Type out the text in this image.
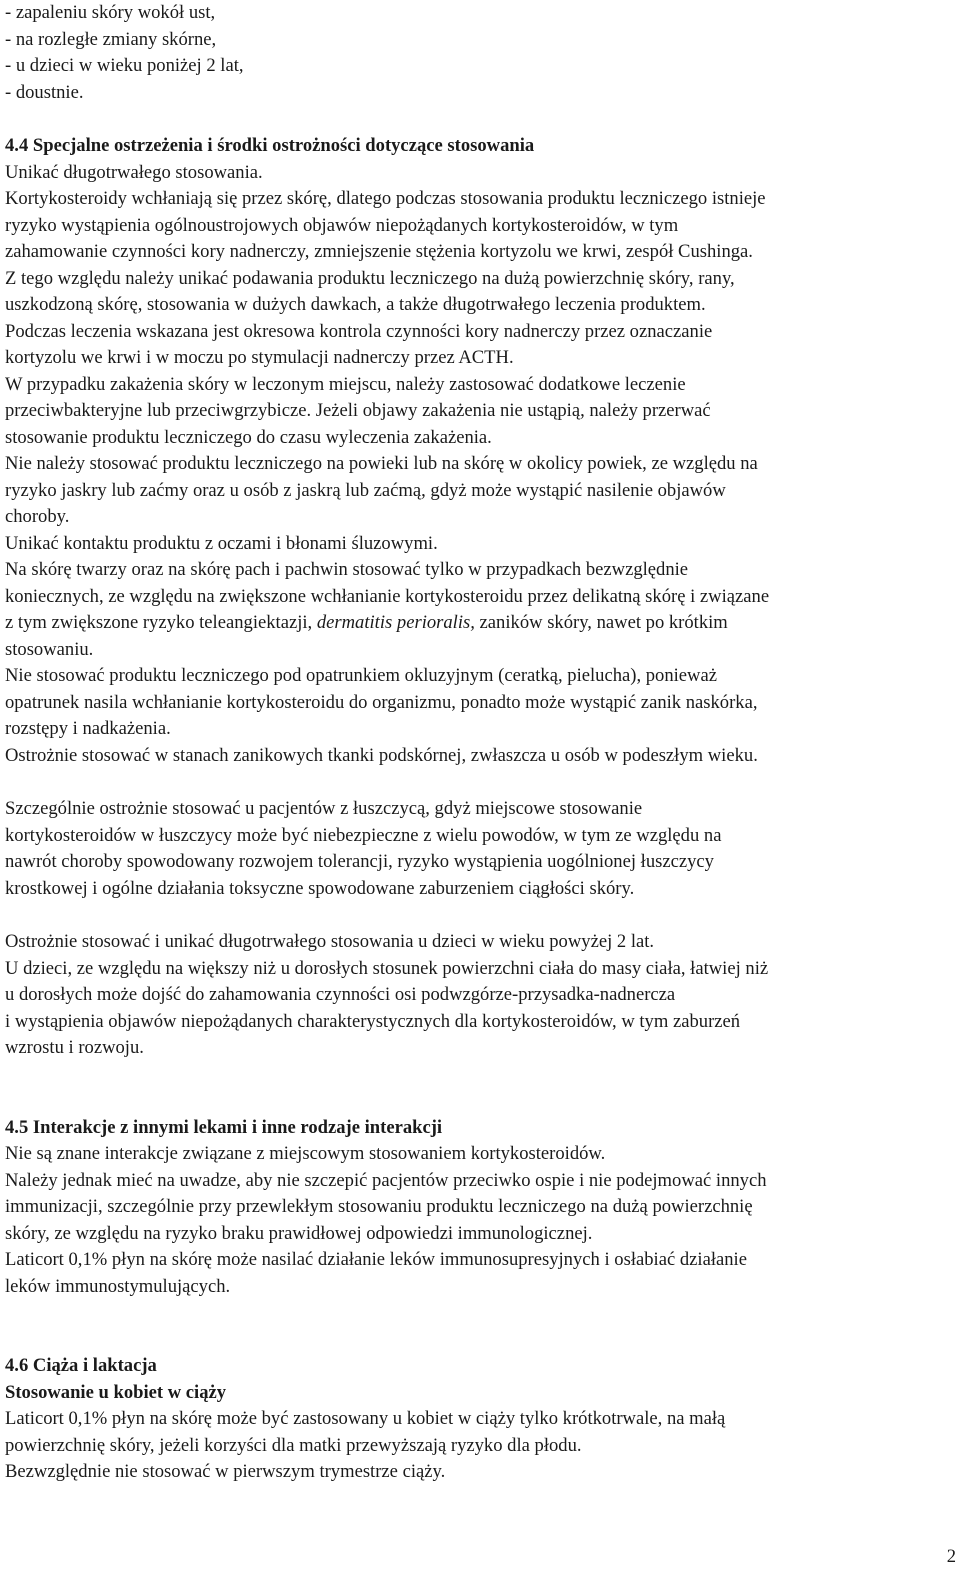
- zapaleniu skóry wokół ust,
- na rozległe zmiany skórne,
- u dzieci w wieku poniżej 2 lat,
- doustnie.
4.4 Specjalne ostrzeżenia i środki ostrożności dotyczące stosowania
Unikać długotrwałego stosowania.
Kortykosteroidy wchłaniają się przez skórę, dlatego podczas stosowania produktu leczniczego istnieje
ryzyko wystąpienia ogólnoustrojowych objawów niepożądanych kortykosteroidów, w tym
zahamowanie czynności kory nadnerczy, zmniejszenie stężenia kortyzolu we krwi, zespół Cushinga.
Z tego względu należy unikać podawania produktu leczniczego na dużą powierzchnię skóry, rany,
uszkodzoną skórę, stosowania w dużych dawkach, a także długotrwałego leczenia produktem.
Podczas leczenia wskazana jest okresowa kontrola czynności kory nadnerczy przez oznaczanie
kortyzolu we krwi i w moczu po stymulacji nadnerczy przez ACTH.
W przypadku zakażenia skóry w leczonym miejscu, należy zastosować dodatkowe leczenie
przeciwbakteryjne lub przeciwgrzybicze. Jeżeli objawy zakażenia nie ustąpią, należy przerwać
stosowanie produktu leczniczego do czasu wyleczenia zakażenia.
Nie należy stosować produktu leczniczego na powieki lub na skórę w okolicy powiek, ze względu na
ryzyko jaskry lub zaćmy oraz u osób z jaskrą lub zaćmą, gdyż może wystąpić nasilenie objawów
choroby.
Unikać kontaktu produktu z oczami i błonami śluzowymi.
Na skórę twarzy oraz na skórę pach i pachwin stosować tylko w przypadkach bezwzględnie
koniecznych, ze względu na zwiększone wchłanianie kortykosteroidu przez delikatną skórę i związane
z tym zwiększone ryzyko teleangiektazji, dermatitis perioralis, zaników skóry, nawet po krótkim
stosowaniu.
Nie stosować produktu leczniczego pod opatrunkiem okluzyjnym (ceratką, pielucha), ponieważ
opatrunek nasila wchłanianie kortykosteroidu do organizmu, ponadto może wystąpić zanik naskórka,
rozstępy i nadkażenia.
Ostrożnie stosować w stanach zanikowych tkanki podskórnej, zwłaszcza u osób w podeszłym wieku.
Szczególnie ostrożnie stosować u pacjentów z łuszczycą, gdyż miejscowe stosowanie
kortykosteroidów w łuszczycy może być niebezpieczne z wielu powodów, w tym ze względu na
nawrót choroby spowodowany rozwojem tolerancji, ryzyko wystąpienia uogólnionej łuszczycy
krostkowej i ogólne działania toksyczne spowodowane zaburzeniem ciągłości skóry.
Ostrożnie stosować i unikać długotrwałego stosowania u dzieci w wieku powyżej 2 lat.
U dzieci, ze względu na większy niż u dorosłych stosunek powierzchni ciała do masy ciała, łatwiej niż
u dorosłych może dojść do zahamowania czynności osi podwzgórze-przysadka-nadnercza
i wystąpienia objawów niepożądanych charakterystycznych dla kortykosteroidów, w tym zaburzeń
wzrostu i rozwoju.
4.5 Interakcje z innymi lekami i inne rodzaje interakcji
Nie są znane interakcje związane z miejscowym stosowaniem kortykosteroidów.
Należy jednak mieć na uwadze, aby nie szczepić pacjentów przeciwko ospie i nie podejmować innych
immunizacji, szczególnie przy przewlekłym stosowaniu produktu leczniczego na dużą powierzchnię
skóry, ze względu na ryzyko braku prawidłowej odpowiedzi immunologicznej.
Laticort 0,1% płyn na skórę może nasilać działanie leków immunosupresyjnych i osłabiać działanie
leków immunostymulujących.
4.6 Ciąża i laktacja
Stosowanie u kobiet w ciąży
Laticort 0,1% płyn na skórę może być zastosowany u kobiet w ciąży tylko krótkotrwale, na małą
powierzchnię skóry, jeżeli korzyści dla matki przewyższają ryzyko dla płodu.
Bezwzględnie nie stosować w pierwszym trymestrze ciąży.
2
